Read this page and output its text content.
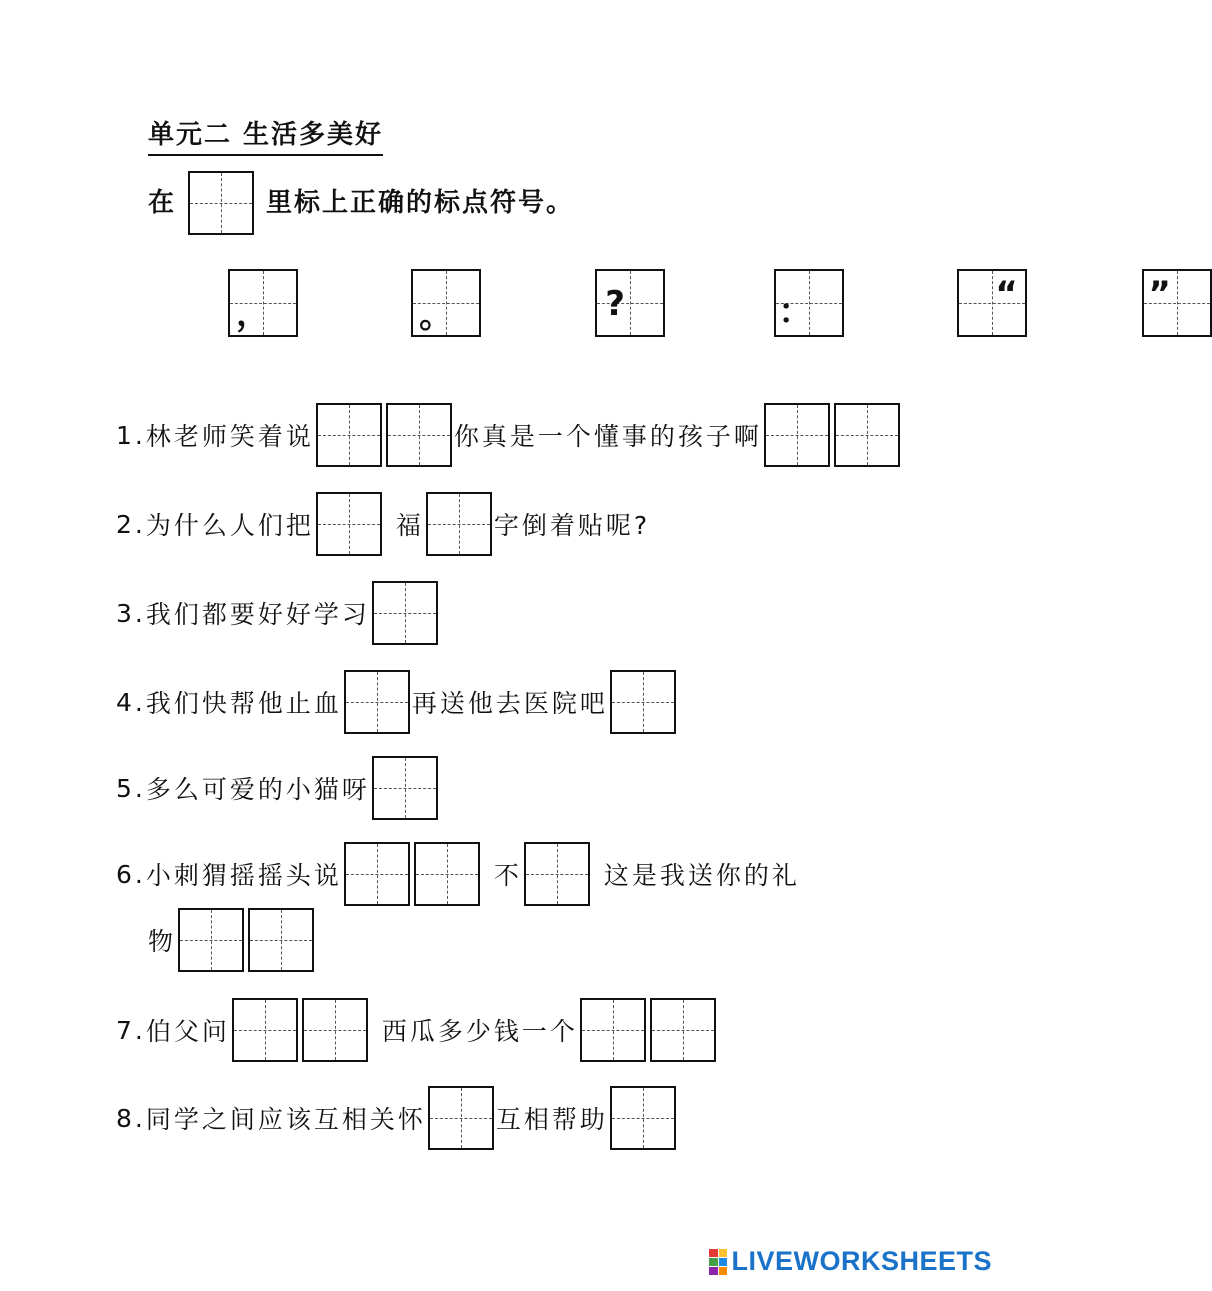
单元二 生活多美好
在	里标上正确的标点符号。
，
	。
	?
	：
	“
	”
1. 林老师笑着说	你真是一个懂事的孩子啊
2. 为什么人们把	福	字倒着贴呢?
3. 我们都要好好学习
4. 我们快帮他止血	再送他去医院吧
5. 多么可爱的小猫呀
6. 小刺猬摇摇头说	不	这是我送你的礼
物
7. 伯父问	西瓜多少钱一个
8. 同学之间应该互相关怀	互相帮助
LIVEWORKSHEETS
